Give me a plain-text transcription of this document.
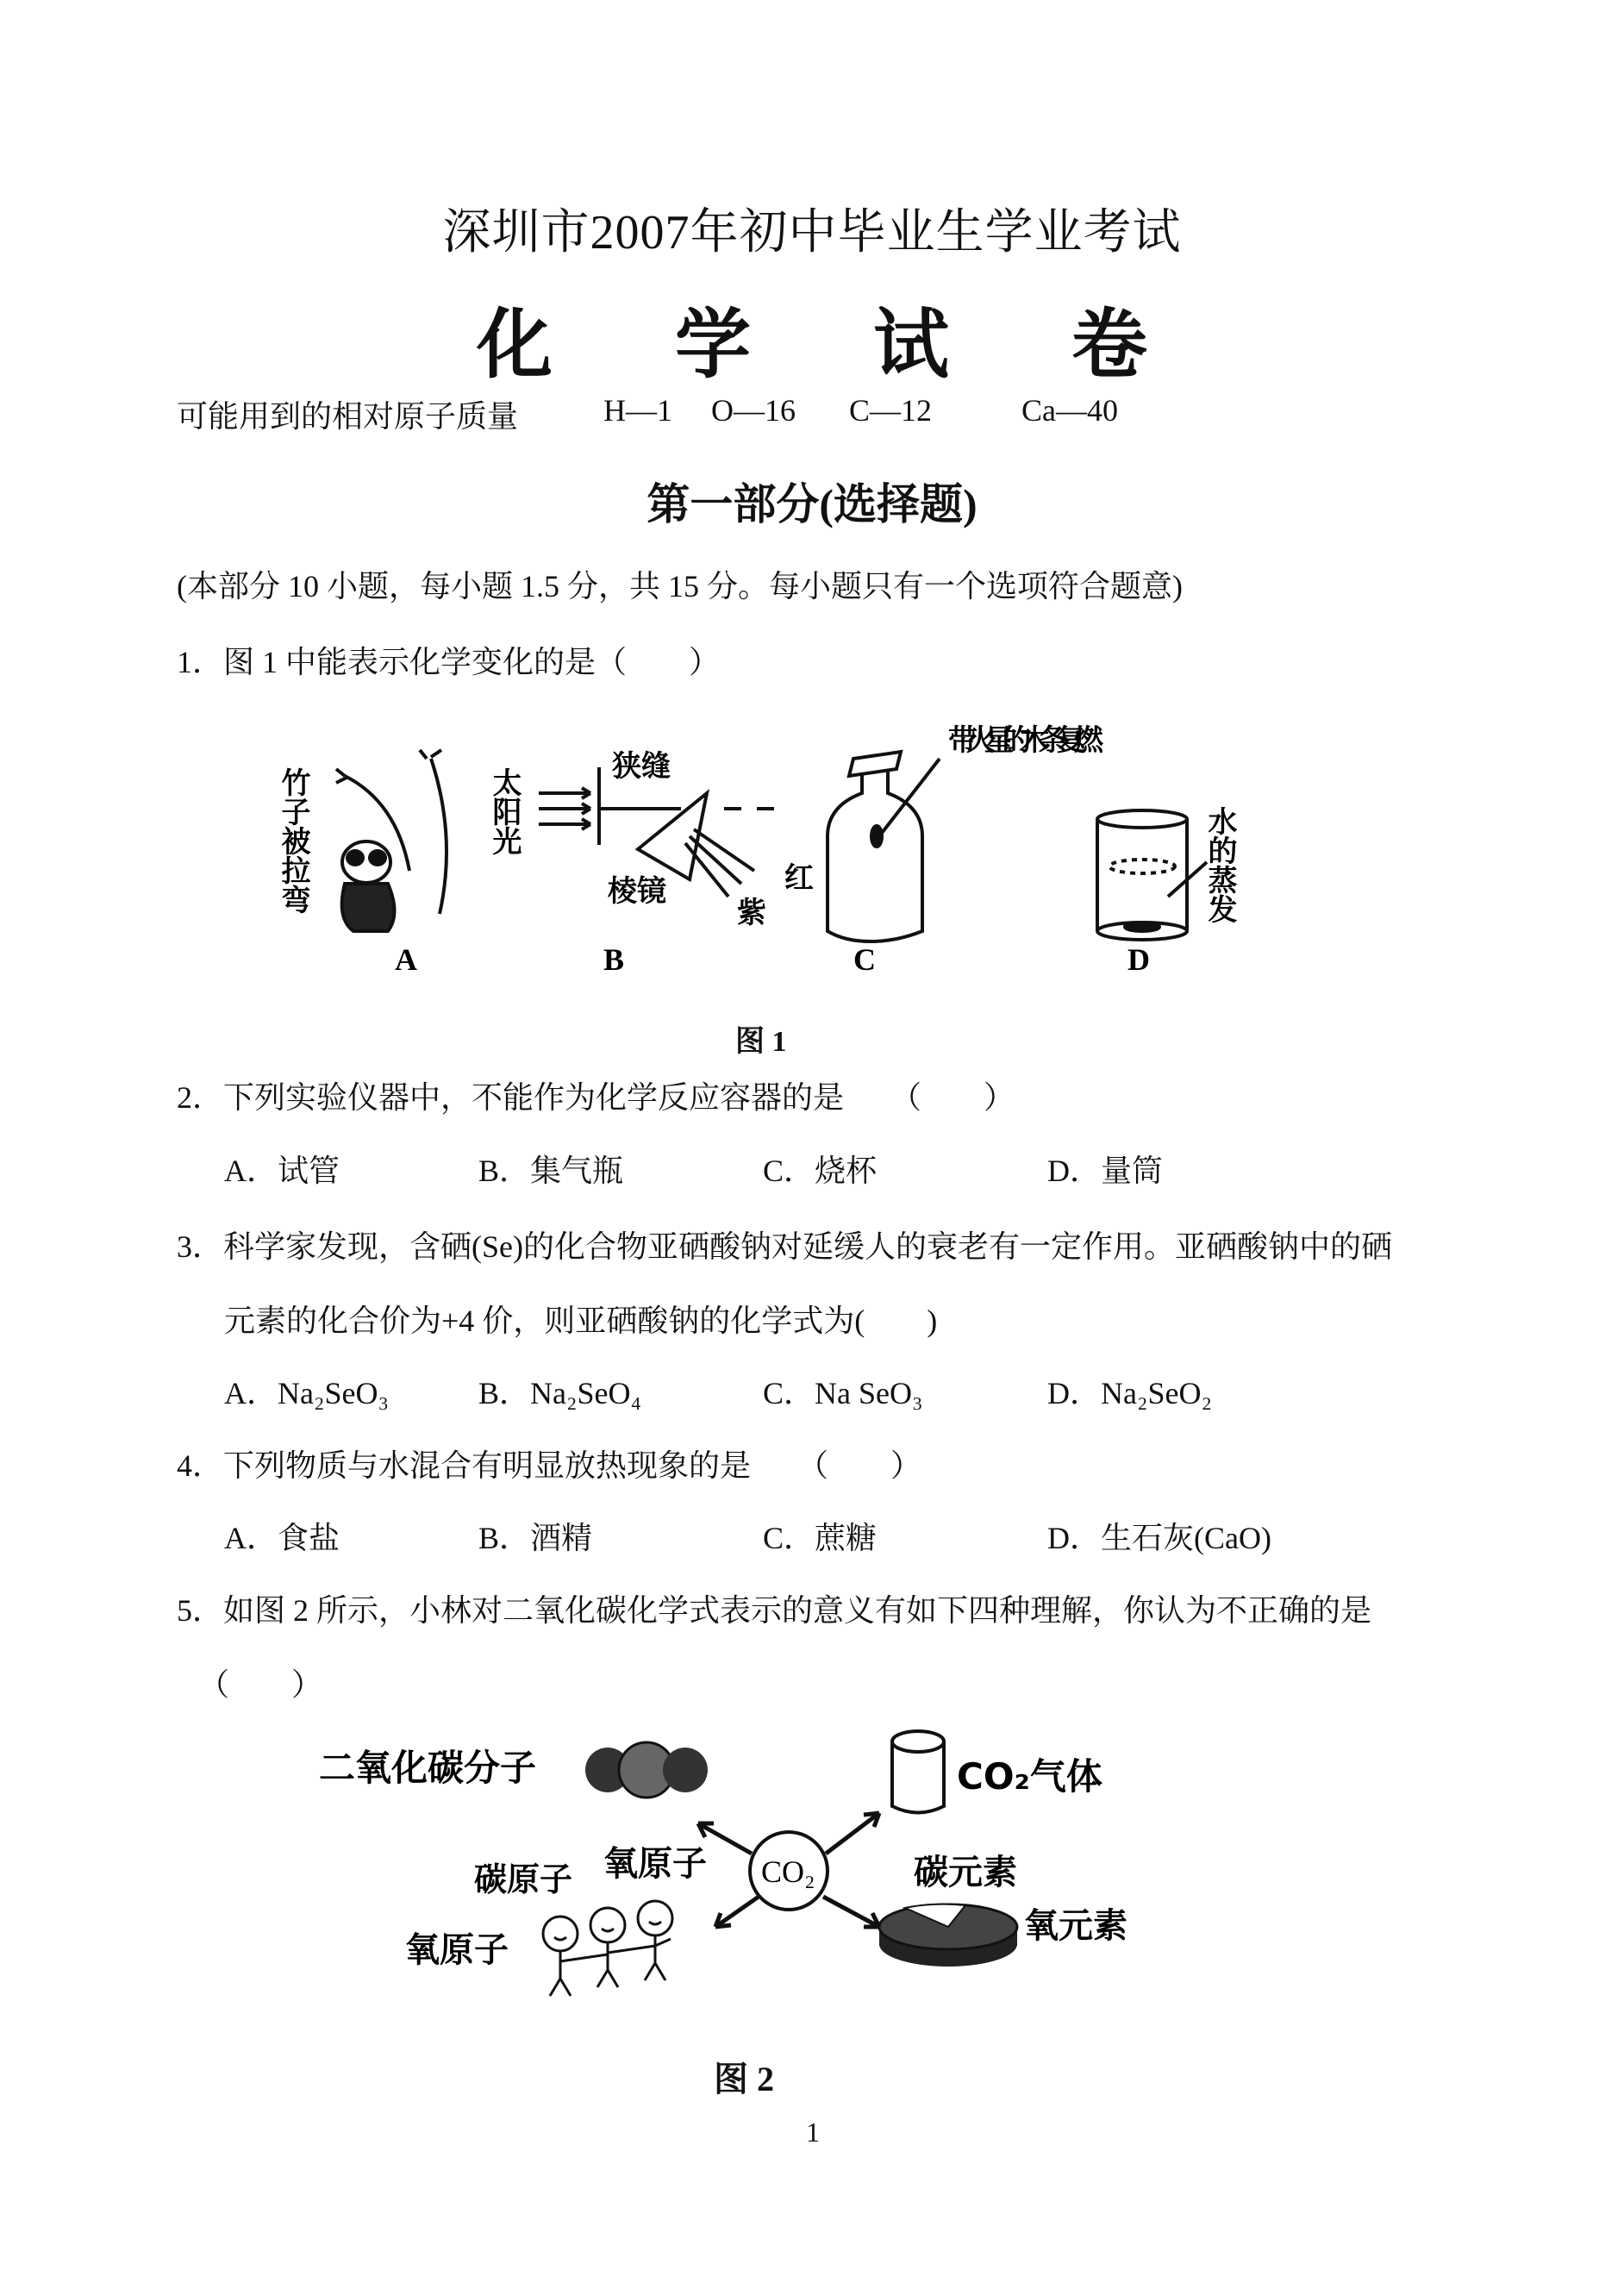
深圳市2007年初中毕业生学业考试
化 学 试 卷
可能用到的相对原子质量	H—1 O—16 C—12	Ca—40
第一部分(选择题)
(本部分 10 小题，每小题 1.5 分，共 15 分。每小题只有一个选项符合题意)
1．图 1 中能表示化学变化的是（　　）
竹子被拉弯
A
太阳光
狭缝
棱镜	红
紫
B
带火星的木条复燃
C
水的蒸发
D
图 1
2．下列实验仪器中，不能作为化学反应容器的是　　（　　）
A．试管	B．集气瓶	C．烧杯	D．量筒
3．科学家发现，含硒(Se)的化合物亚硒酸钠对延缓人的衰老有一定作用。亚硒酸钠中的硒
元素的化合价为+4 价，则亚硒酸钠的化学式为(　　)
A．Na₂SeO₃	B．Na₂SeO₄	C．Na SeO₃	D．Na₂SeO₂
4．下列物质与水混合有明显放热现象的是　　（　　）
A．食盐	B．酒精	C．蔗糖	D．生石灰(CaO)
5．如图 2 所示，小林对二氧化碳化学式表示的意义有如下四种理解，你认为不正确的是
（　　）
二氧化碳分子
CO₂
CO₂气体
碳原子 氧原子
氧原子
碳元素
氧元素
图 2
1
